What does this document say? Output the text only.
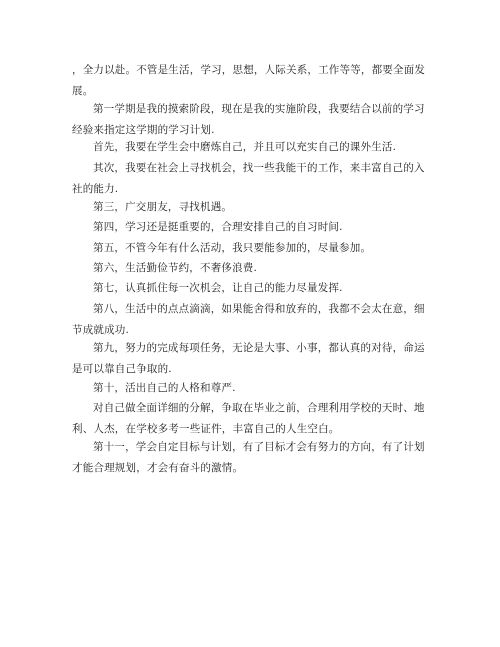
，全力以赴。不管是生活，学习，思想，人际关系，工作等等，都要全面发展。

第一学期是我的摸索阶段，现在是我的实施阶段，我要结合以前的学习经验来指定这学期的学习计划.

首先，我要在学生会中磨炼自己，并且可以充实自己的课外生活.

其次，我要在社会上寻找机会，找一些我能干的工作，来丰富自己的入社的能力.

第三，广交朋友，寻找机遇。

第四，学习还是挺重要的，合理安排自己的自习时间.

第五，不管今年有什么活动，我只要能参加的，尽量参加。

第六，生活勤俭节约，不奢侈浪费.

第七，认真抓住每一次机会，让自己的能力尽量发挥.

第八，生活中的点点滴滴，如果能舍得和放弃的，我都不会太在意，细节成就成功.

第九，努力的完成每项任务，无论是大事、小事，都认真的对待，命运是可以靠自己争取的.

第十，活出自己的人格和尊严.

对自己做全面详细的分解，争取在毕业之前，合理利用学校的天时、地利、人杰，在学校多考一些证件，丰富自己的人生空白。

第十一，学会自定目标与计划，有了目标才会有努力的方向，有了计划才能合理规划，才会有奋斗的激情。
